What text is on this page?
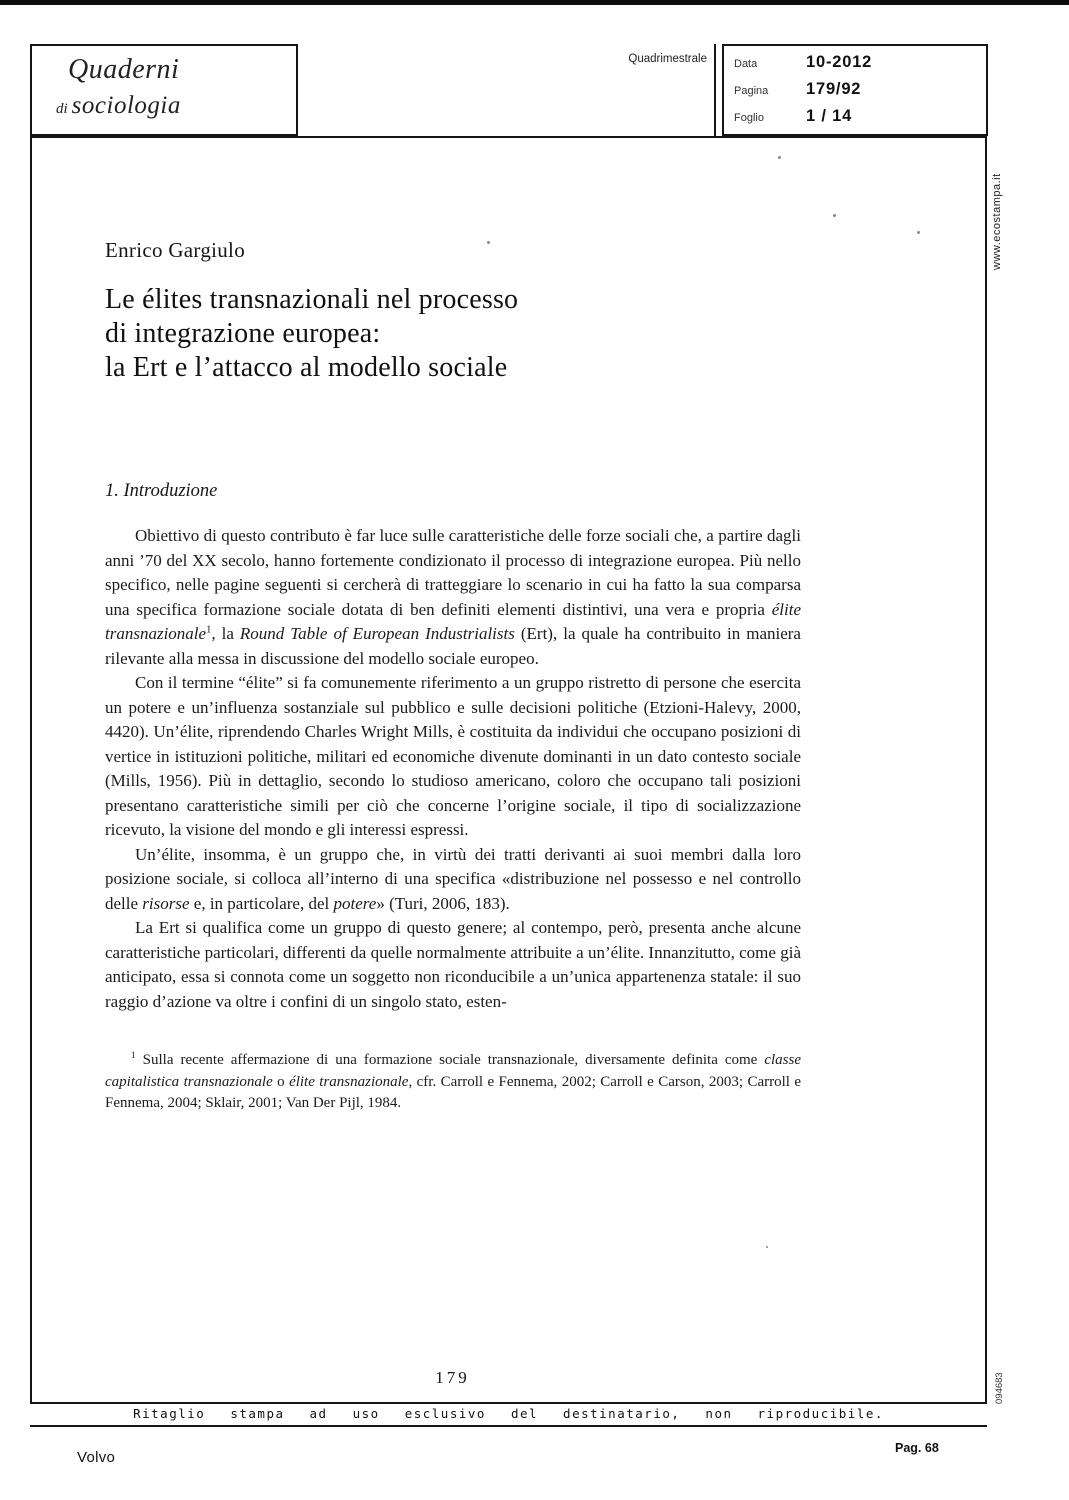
Quaderni
di sociologia
Quadrimestrale Data	10-2012
Pagina	179/92
Foglio	1 / 14
www.ecostampa.it
094683
Enrico Gargiulo
Le élites transnazionali nel processo
di integrazione europea:
la Ert e l’attacco al modello sociale
1. Introduzione

Obiettivo di questo contributo è far luce sulle caratteristiche delle forze sociali che, a partire dagli anni ’70 del XX secolo, hanno fortemente condizionato il processo di integrazione europea. Più nello specifico, nelle pagine seguenti si cercherà di tratteggiare lo scenario in cui ha fatto la sua comparsa una specifica formazione sociale dotata di ben definiti elementi distintivi, una vera e propria élite transnazionale$^1$, la Round Table of European Industrialists (Ert), la quale ha contribuito in maniera rilevante alla messa in discussione del modello sociale europeo.

Con il termine “élite” si fa comunemente riferimento a un gruppo ristretto di persone che esercita un potere e un’influenza sostanziale sul pubblico e sulle decisioni politiche (Etzioni-Halevy, 2000, 4420). Un’élite, riprendendo Charles Wright Mills, è costituita da individui che occupano posizioni di vertice in istituzioni politiche, militari ed economiche divenute dominanti in un dato contesto sociale (Mills, 1956). Più in dettaglio, secondo lo studioso americano, coloro che occupano tali posizioni presentano caratteristiche simili per ciò che concerne l’origine sociale, il tipo di socializzazione ricevuto, la visione del mondo e gli interessi espressi.

Un’élite, insomma, è un gruppo che, in virtù dei tratti derivanti ai suoi membri dalla loro posizione sociale, si colloca all’interno di una specifica «distribuzione nel possesso e nel controllo delle risorse e, in particolare, del potere» (Turi, 2006, 183).

La Ert si qualifica come un gruppo di questo genere; al contempo, però, presenta anche alcune caratteristiche particolari, differenti da quelle normalmente attribuite a un’élite. Innanzitutto, come già anticipato, essa si connota come un soggetto non riconducibile a un’unica appartenenza statale: il suo raggio d’azione va oltre i confini di un singolo stato, esten-

$^1$ Sulla recente affermazione di una formazione sociale transnazionale, diversamente definita come classe capitalistica transnazionale o élite transnazionale, cfr. Carroll e Fennema, 2002; Carroll e Carson, 2003; Carroll e Fennema, 2004; Sklair, 2001; Van Der Pijl, 1984.
179
Ritaglio stampa ad uso esclusivo del destinatario, non riproducibile.
Volvo
Pag. 68
